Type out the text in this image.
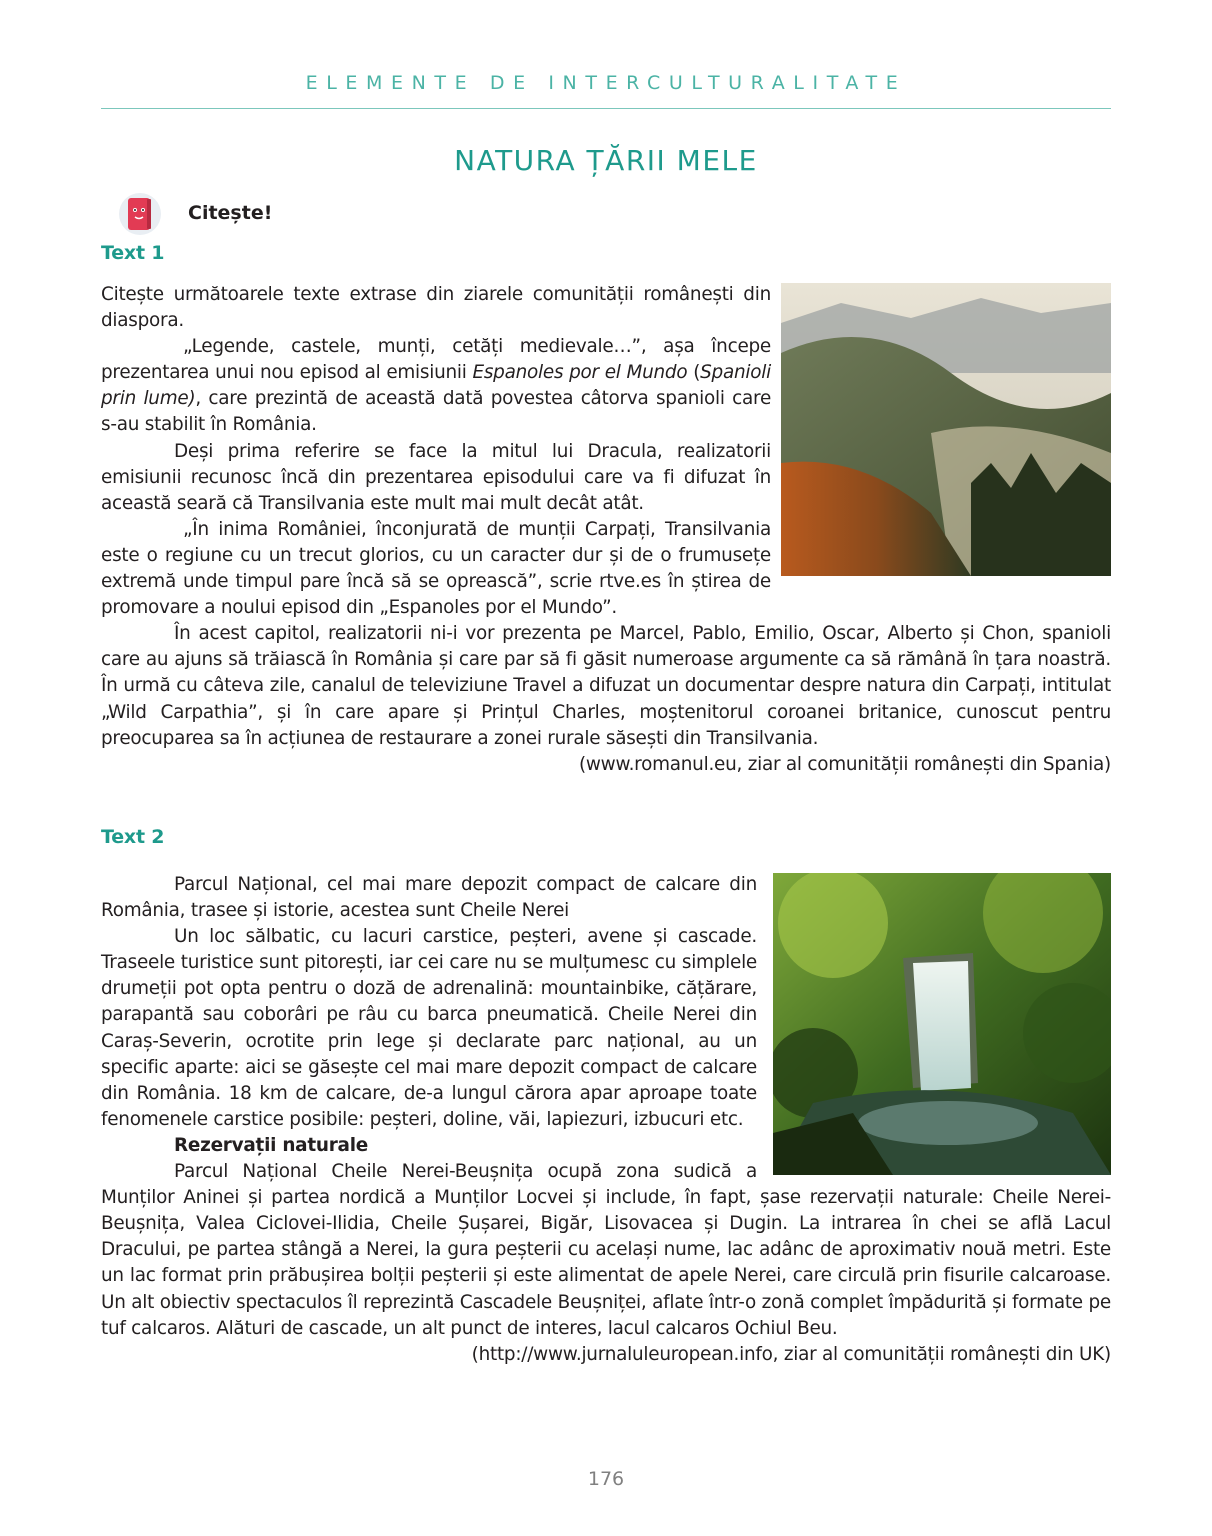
ELEMENTE DE INTERCULTURALITATE
NATURA ȚĂRII MELE
Citește!
Text 1

Citește următoarele texte extrase din ziarele comunității românești din diaspora.

„Legende, castele, munți, cetăți medievale…”, așa începe prezentarea unui nou episod al emisiunii Espanoles por el Mundo (Spanioli prin lume), care prezintă de această dată povestea câtorva spanioli care s-au stabilit în România.

Deși prima referire se face la mitul lui Dracula, realizatorii emisiunii recunosc încă din prezentarea episodului care va fi difuzat în această seară că Transilvania este mult mai mult decât atât.

„În inima României, înconjurată de munții Carpați, Transilvania este o regiune cu un trecut glorios, cu un caracter dur și de o frumusețe extremă unde timpul pare încă să se oprească”, scrie rtve.es în știrea de promovare a noului episod din „Espanoles por el Mundo”.

În acest capitol, realizatorii ni-i vor prezenta pe Marcel, Pablo, Emilio, Oscar, Alberto și Chon, spanioli care au ajuns să trăiască în România și care par să fi găsit numeroase argumente ca să rămână în țara noastră. În urmă cu câteva zile, canalul de televiziune Travel a difuzat un documentar despre natura din Carpați, intitulat „Wild Carpathia”, și în care apare și Prințul Charles, moștenitorul coroanei britanice, cunoscut pentru preocuparea sa în acțiunea de restaurare a zonei rurale săsești din Transilvania.

(www.romanul.eu, ziar al comunității românești din Spania)

Text 2

Parcul Național, cel mai mare depozit compact de calcare din România, trasee și istorie, acestea sunt Cheile Nerei

Un loc sălbatic, cu lacuri carstice, peșteri, avene și cascade. Traseele turistice sunt pitorești, iar cei care nu se mulțumesc cu simplele drumeții pot opta pentru o doză de adrenalină: mountainbike, cățărare, parapantă sau coborâri pe râu cu barca pneumatică. Cheile Nerei din Caraș-Severin, ocrotite prin lege și declarate parc național, au un specific aparte: aici se găsește cel mai mare depozit compact de calcare din România. 18 km de calcare, de-a lungul cărora apar aproape toate fenomenele carstice posibile: peșteri, doline, văi, lapiezuri, izbucuri etc.

Rezervații naturale

Parcul Național Cheile Nerei-Beușnița ocupă zona sudică a Munților Aninei și partea nordică a Munților Locvei și include, în fapt, șase rezervații naturale: Cheile Nerei-Beușnița, Valea Ciclovei-Ilidia, Cheile Șușarei, Bigăr, Lisovacea și Dugin. La intrarea în chei se află Lacul Dracului, pe partea stângă a Nerei, la gura peșterii cu același nume, lac adânc de aproximativ nouă metri. Este un lac format prin prăbușirea bolții peșterii și este alimentat de apele Nerei, care circulă prin fisurile calcaroase. Un alt obiectiv spectaculos îl reprezintă Cascadele Beușniței, aflate într-o zonă complet împădurită și formate pe tuf calcaros. Alături de cascade, un alt punct de interes, lacul calcaros Ochiul Beu.

(http://www.jurnaluleuropean.info, ziar al comunității românești din UK)

176
